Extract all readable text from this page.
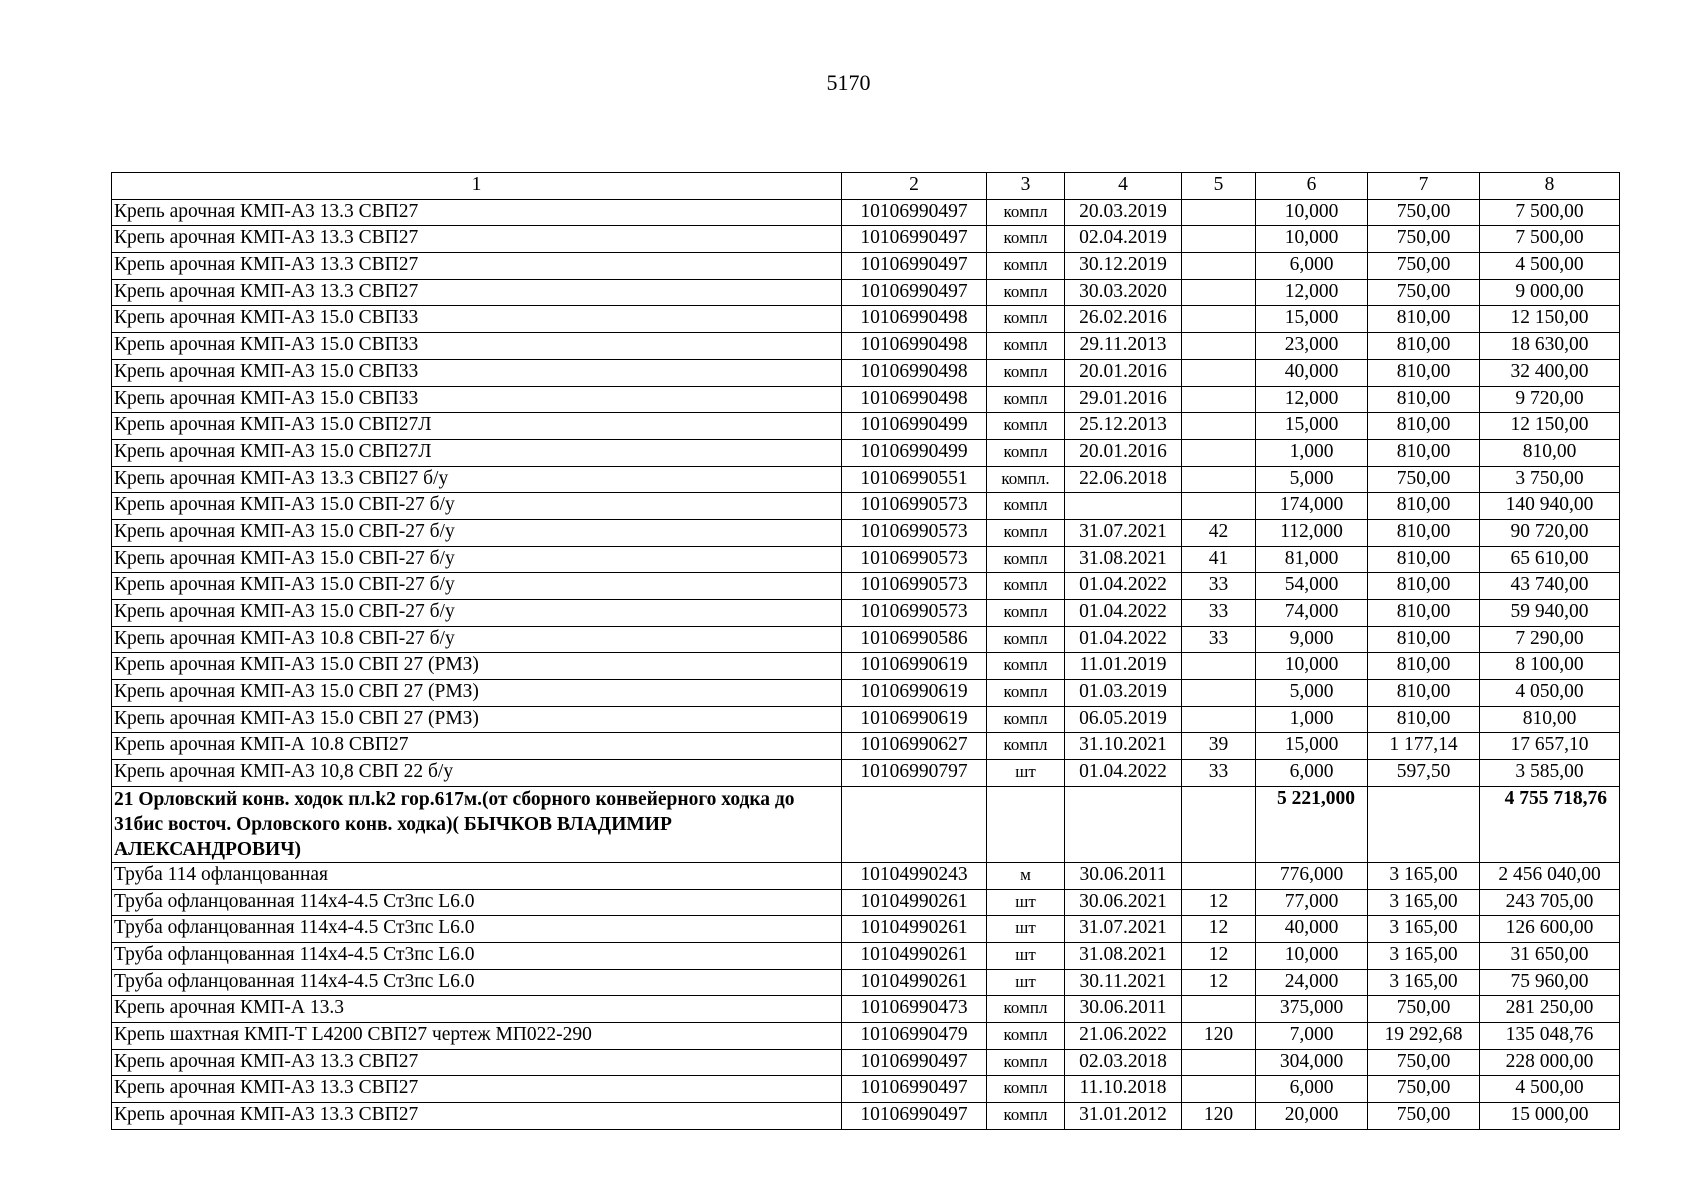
5170
1	2	3	4	5	6	7	8
Крепь арочная КМП-А3 13.3 СВП27	10106990497	компл	20.03.2019		10,000	750,00	7 500,00
Крепь арочная КМП-А3 13.3 СВП27	10106990497	компл	02.04.2019		10,000	750,00	7 500,00
Крепь арочная КМП-А3 13.3 СВП27	10106990497	компл	30.12.2019		6,000	750,00	4 500,00
Крепь арочная КМП-А3 13.3 СВП27	10106990497	компл	30.03.2020		12,000	750,00	9 000,00
Крепь арочная КМП-А3 15.0 СВП33	10106990498	компл	26.02.2016		15,000	810,00	12 150,00
Крепь арочная КМП-А3 15.0 СВП33	10106990498	компл	29.11.2013		23,000	810,00	18 630,00
Крепь арочная КМП-А3 15.0 СВП33	10106990498	компл	20.01.2016		40,000	810,00	32 400,00
Крепь арочная КМП-А3 15.0 СВП33	10106990498	компл	29.01.2016		12,000	810,00	9 720,00
Крепь арочная КМП-А3 15.0 СВП27Л	10106990499	компл	25.12.2013		15,000	810,00	12 150,00
Крепь арочная КМП-А3 15.0 СВП27Л	10106990499	компл	20.01.2016		1,000	810,00	810,00
Крепь арочная КМП-А3 13.3 СВП27 б/у	10106990551	компл.	22.06.2018		5,000	750,00	3 750,00
Крепь арочная КМП-А3 15.0 СВП-27 б/у	10106990573	компл			174,000	810,00	140 940,00
Крепь арочная КМП-А3 15.0 СВП-27 б/у	10106990573	компл	31.07.2021	42	112,000	810,00	90 720,00
Крепь арочная КМП-А3 15.0 СВП-27 б/у	10106990573	компл	31.08.2021	41	81,000	810,00	65 610,00
Крепь арочная КМП-А3 15.0 СВП-27 б/у	10106990573	компл	01.04.2022	33	54,000	810,00	43 740,00
Крепь арочная КМП-А3 15.0 СВП-27 б/у	10106990573	компл	01.04.2022	33	74,000	810,00	59 940,00
Крепь арочная КМП-А3 10.8 СВП-27 б/у	10106990586	компл	01.04.2022	33	9,000	810,00	7 290,00
Крепь арочная КМП-А3 15.0 СВП 27 (РМЗ)	10106990619	компл	11.01.2019		10,000	810,00	8 100,00
Крепь арочная КМП-А3 15.0 СВП 27 (РМЗ)	10106990619	компл	01.03.2019		5,000	810,00	4 050,00
Крепь арочная КМП-А3 15.0 СВП 27 (РМЗ)	10106990619	компл	06.05.2019		1,000	810,00	810,00
Крепь арочная КМП-А 10.8 СВП27	10106990627	компл	31.10.2021	39	15,000	1 177,14	17 657,10
Крепь арочная КМП-А3 10,8 СВП 22 б/у	10106990797	шт	01.04.2022	33	6,000	597,50	3 585,00
21 Орловский конв. ходок пл.k2 гор.617м.(от сборного конвейерного ходка до 31бис восточ. Орловского конв. ходка)( БЫЧКОВ ВЛАДИМИР АЛЕКСАНДРОВИЧ)					5 221,000		4 755 718,76
Труба 114 офланцованная	10104990243	м	30.06.2011		776,000	3 165,00	2 456 040,00
Труба офланцованная 114х4-4.5 Ст3пс L6.0	10104990261	шт	30.06.2021	12	77,000	3 165,00	243 705,00
Труба офланцованная 114х4-4.5 Ст3пс L6.0	10104990261	шт	31.07.2021	12	40,000	3 165,00	126 600,00
Труба офланцованная 114х4-4.5 Ст3пс L6.0	10104990261	шт	31.08.2021	12	10,000	3 165,00	31 650,00
Труба офланцованная 114х4-4.5 Ст3пс L6.0	10104990261	шт	30.11.2021	12	24,000	3 165,00	75 960,00
Крепь арочная КМП-А 13.3	10106990473	компл	30.06.2011		375,000	750,00	281 250,00
Крепь шахтная КМП-Т L4200 СВП27 чертеж МП022-290	10106990479	компл	21.06.2022	120	7,000	19 292,68	135 048,76
Крепь арочная КМП-А3 13.3 СВП27	10106990497	компл	02.03.2018		304,000	750,00	228 000,00
Крепь арочная КМП-А3 13.3 СВП27	10106990497	компл	11.10.2018		6,000	750,00	4 500,00
Крепь арочная КМП-А3 13.3 СВП27	10106990497	компл	31.01.2012	120	20,000	750,00	15 000,00
